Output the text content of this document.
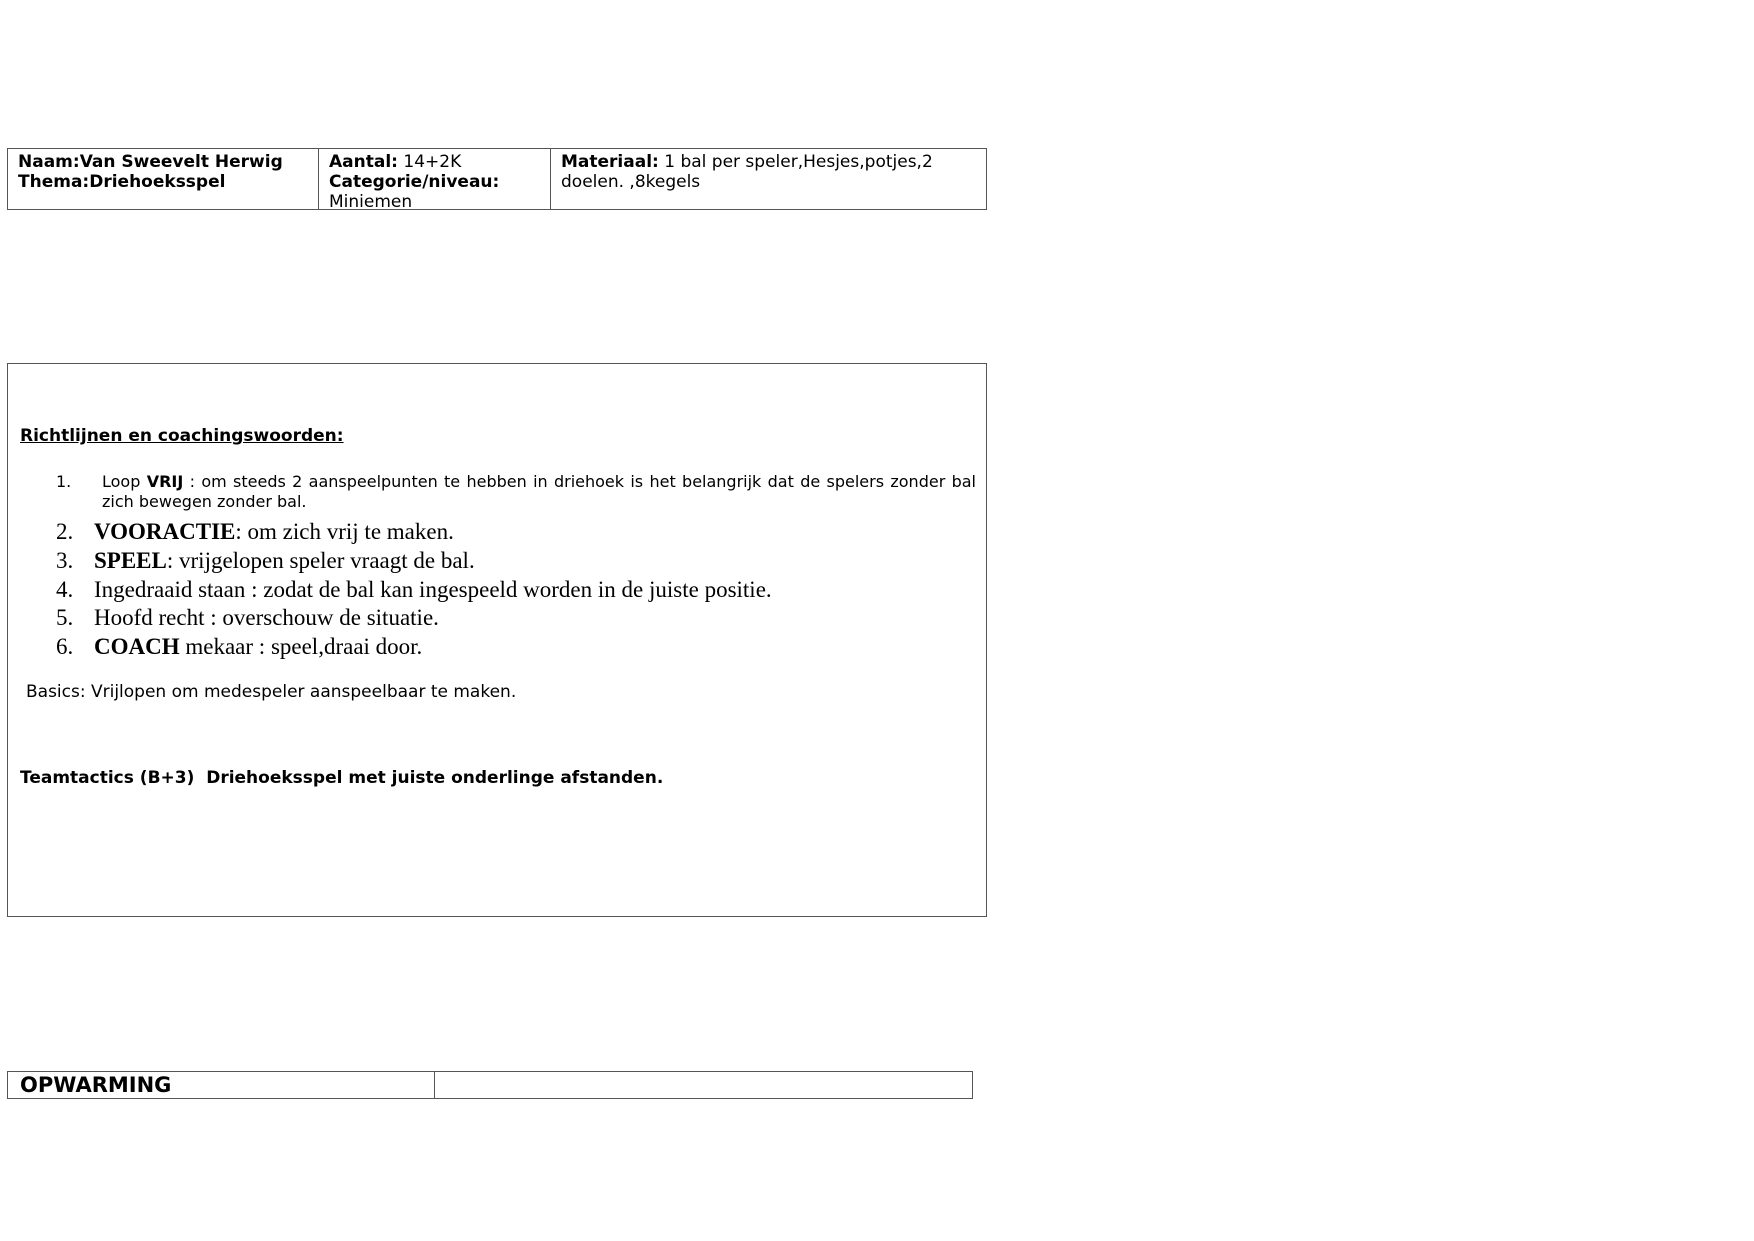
Naam:Van Sweevelt Herwig
Thema:Driehoeksspel
Aantal: 14+2K
Categorie/niveau:
Miniemen
Materiaal: 1 bal per speler,Hesjes,potjes,2 doelen. ,8kegels
Richtlijnen en coachingswoorden:
1.	Loop VRIJ : om steeds 2 aanspeelpunten te hebben in driehoek is het belangrijk dat de spelers zonder bal zich bewegen zonder bal.
2. VOORACTIE: om zich vrij te maken.
3. SPEEL: vrijgelopen speler vraagt de bal.
4. Ingedraaid staan : zodat de bal kan ingespeeld worden in de juiste positie.
5. Hoofd recht : overschouw de situatie.
6. COACH mekaar : speel,draai door.
Basics: Vrijlopen om medespeler aanspeelbaar te maken.
Teamtactics (B+3)  Driehoeksspel met juiste onderlinge afstanden.
OPWARMING
